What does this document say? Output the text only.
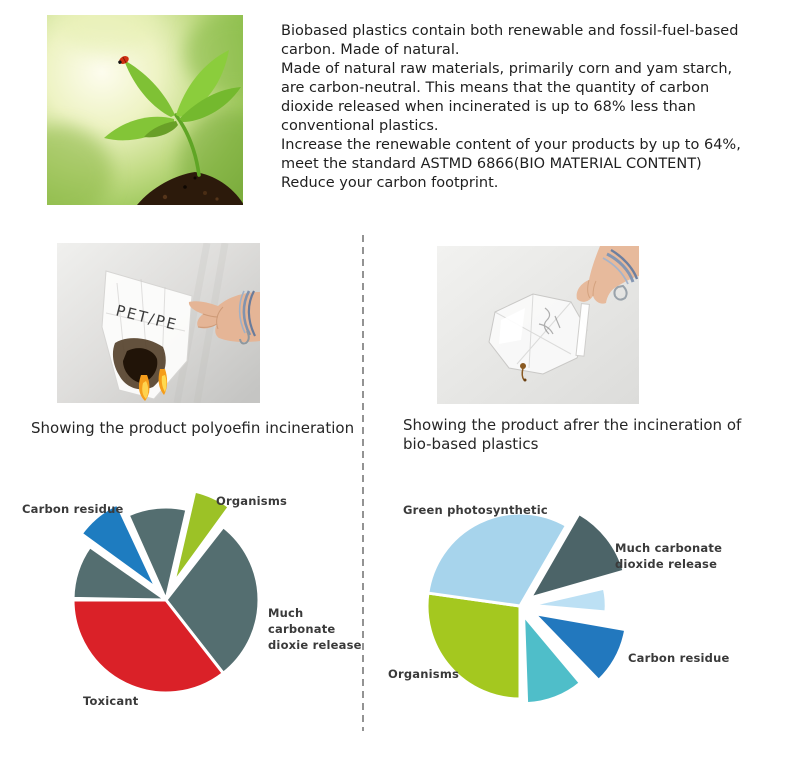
Biobased plastics contain both renewable and fossil-fuel-based
carbon. Made of natural.
Made of natural raw materials, primarily corn and yam starch,
are carbon-neutral. This means that the quantity of carbon
dioxide released when incinerated is up to 68% less than
conventional plastics.
Increase the renewable content of your products by up to 64%,
meet the standard ASTMD 6866(BIO MATERIAL CONTENT)
Reduce your carbon footprint.
PET/PE
Showing the product polyoefin incineration	Showing the product afrer the incineration of
bio-based plastics
Carbon residue
Organisms
Much carbonate dioxie release
Toxicant
Green photosynthetic
Much carbonate dioxide release
Carbon residue
Organisms
